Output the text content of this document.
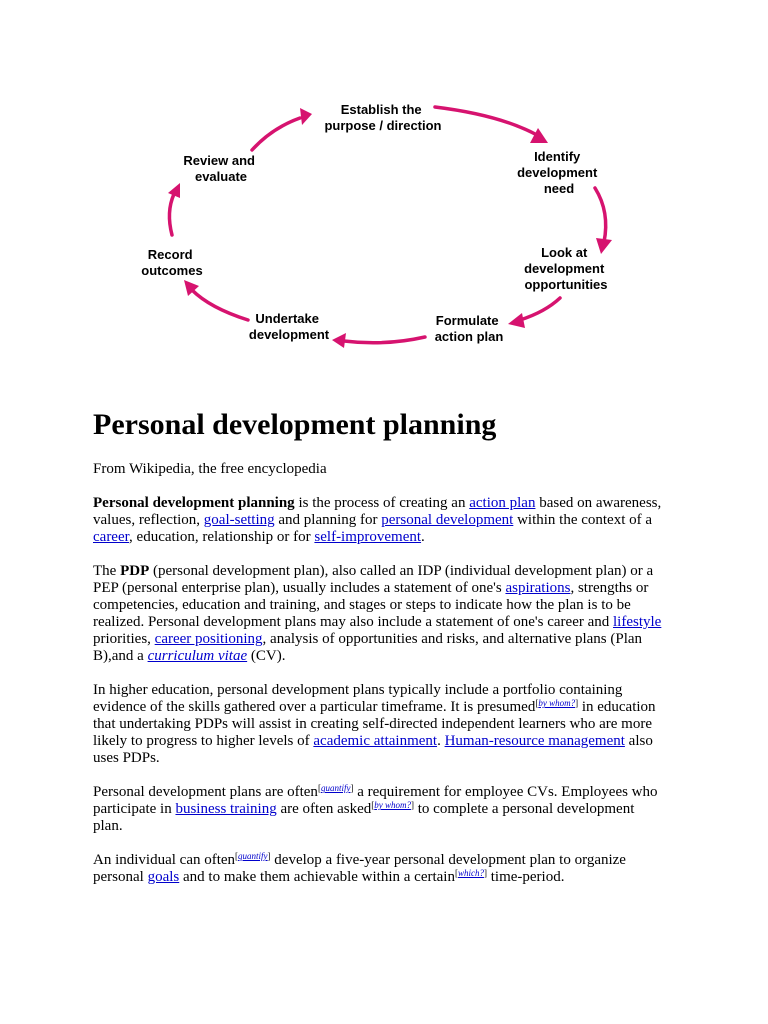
Establish the purpose / direction
Identify development need
Look at development opportunities
Formulate action plan
Undertake development
Record outcomes
Review and evaluate
Personal development planning
From Wikipedia, the free encyclopedia

Personal development planning is the process of creating an action plan based on awareness, values, reflection, goal-setting and planning for personal development within the context of a career, education, relationship or for self-improvement.

The PDP (personal development plan), also called an IDP (individual development plan) or a PEP (personal enterprise plan), usually includes a statement of one's aspirations, strengths or competencies, education and training, and stages or steps to indicate how the plan is to be realized. Personal development plans may also include a statement of one's career and lifestyle priorities, career positioning, analysis of opportunities and risks, and alternative plans (Plan B),and a curriculum vitae (CV).

In higher education, personal development plans typically include a portfolio containing evidence of the skills gathered over a particular timeframe. It is presumed[by whom?] in education that undertaking PDPs will assist in creating self-directed independent learners who are more likely to progress to higher levels of academic attainment. Human-resource management also uses PDPs.

Personal development plans are often[quantify] a requirement for employee CVs. Employees who participate in business training are often asked[by whom?] to complete a personal development plan.

An individual can often[quantify] develop a five-year personal development plan to organize personal goals and to make them achievable within a certain[which?] time-period.
